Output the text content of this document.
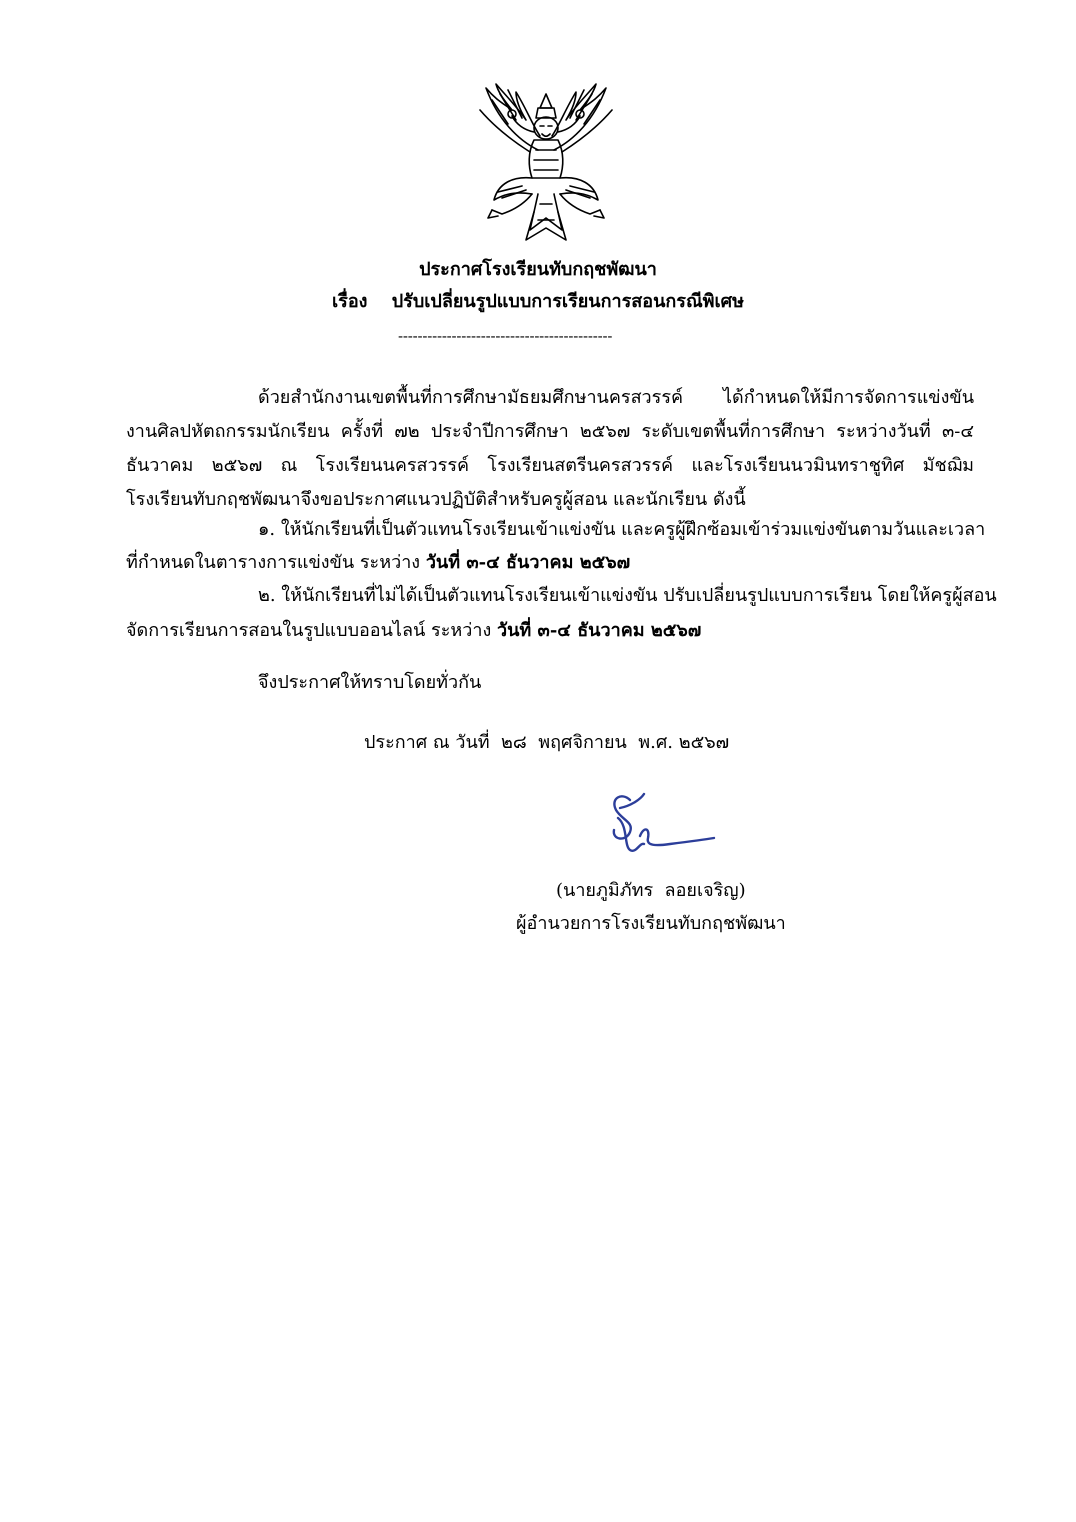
ประกาศโรงเรียนทับกฤชพัฒนา
เรื่อง ปรับเปลี่ยนรูปแบบการเรียนการสอนกรณีพิเศษ
--------------------------------------------
ด้วยสำนักงานเขตพื้นที่การศึกษามัธยมศึกษานครสวรรค์ ได้กำหนดให้มีการจัดการแข่งขัน
งานศิลปหัตถกรรมนักเรียน ครั้งที่ ๗๒ ประจำปีการศึกษา ๒๕๖๗ ระดับเขตพื้นที่การศึกษา ระหว่างวันที่ ๓-๔
ธันวาคม ๒๕๖๗ ณ โรงเรียนนครสวรรค์ โรงเรียนสตรีนครสวรรค์ และโรงเรียนนวมินทราชูทิศ มัชฌิม
โรงเรียนทับกฤชพัฒนาจึงขอประกาศแนวปฏิบัติสำหรับครูผู้สอน และนักเรียน ดังนี้
๑. ให้นักเรียนที่เป็นตัวแทนโรงเรียนเข้าแข่งขัน และครูผู้ฝึกซ้อมเข้าร่วมแข่งขันตามวันและเวลา
ที่กำหนดในตารางการแข่งขัน ระหว่าง วันที่ ๓-๔ ธันวาคม ๒๕๖๗
๒. ให้นักเรียนที่ไม่ได้เป็นตัวแทนโรงเรียนเข้าแข่งขัน ปรับเปลี่ยนรูปแบบการเรียน โดยให้ครูผู้สอน
จัดการเรียนการสอนในรูปแบบออนไลน์ ระหว่าง วันที่ ๓-๔ ธันวาคม ๒๕๖๗
จึงประกาศให้ทราบโดยทั่วกัน
ประกาศ ณ วันที่  ๒๘  พฤศจิกายน  พ.ศ. ๒๕๖๗
(นายภูมิภัทร  ลอยเจริญ)
ผู้อำนวยการโรงเรียนทับกฤชพัฒนา
